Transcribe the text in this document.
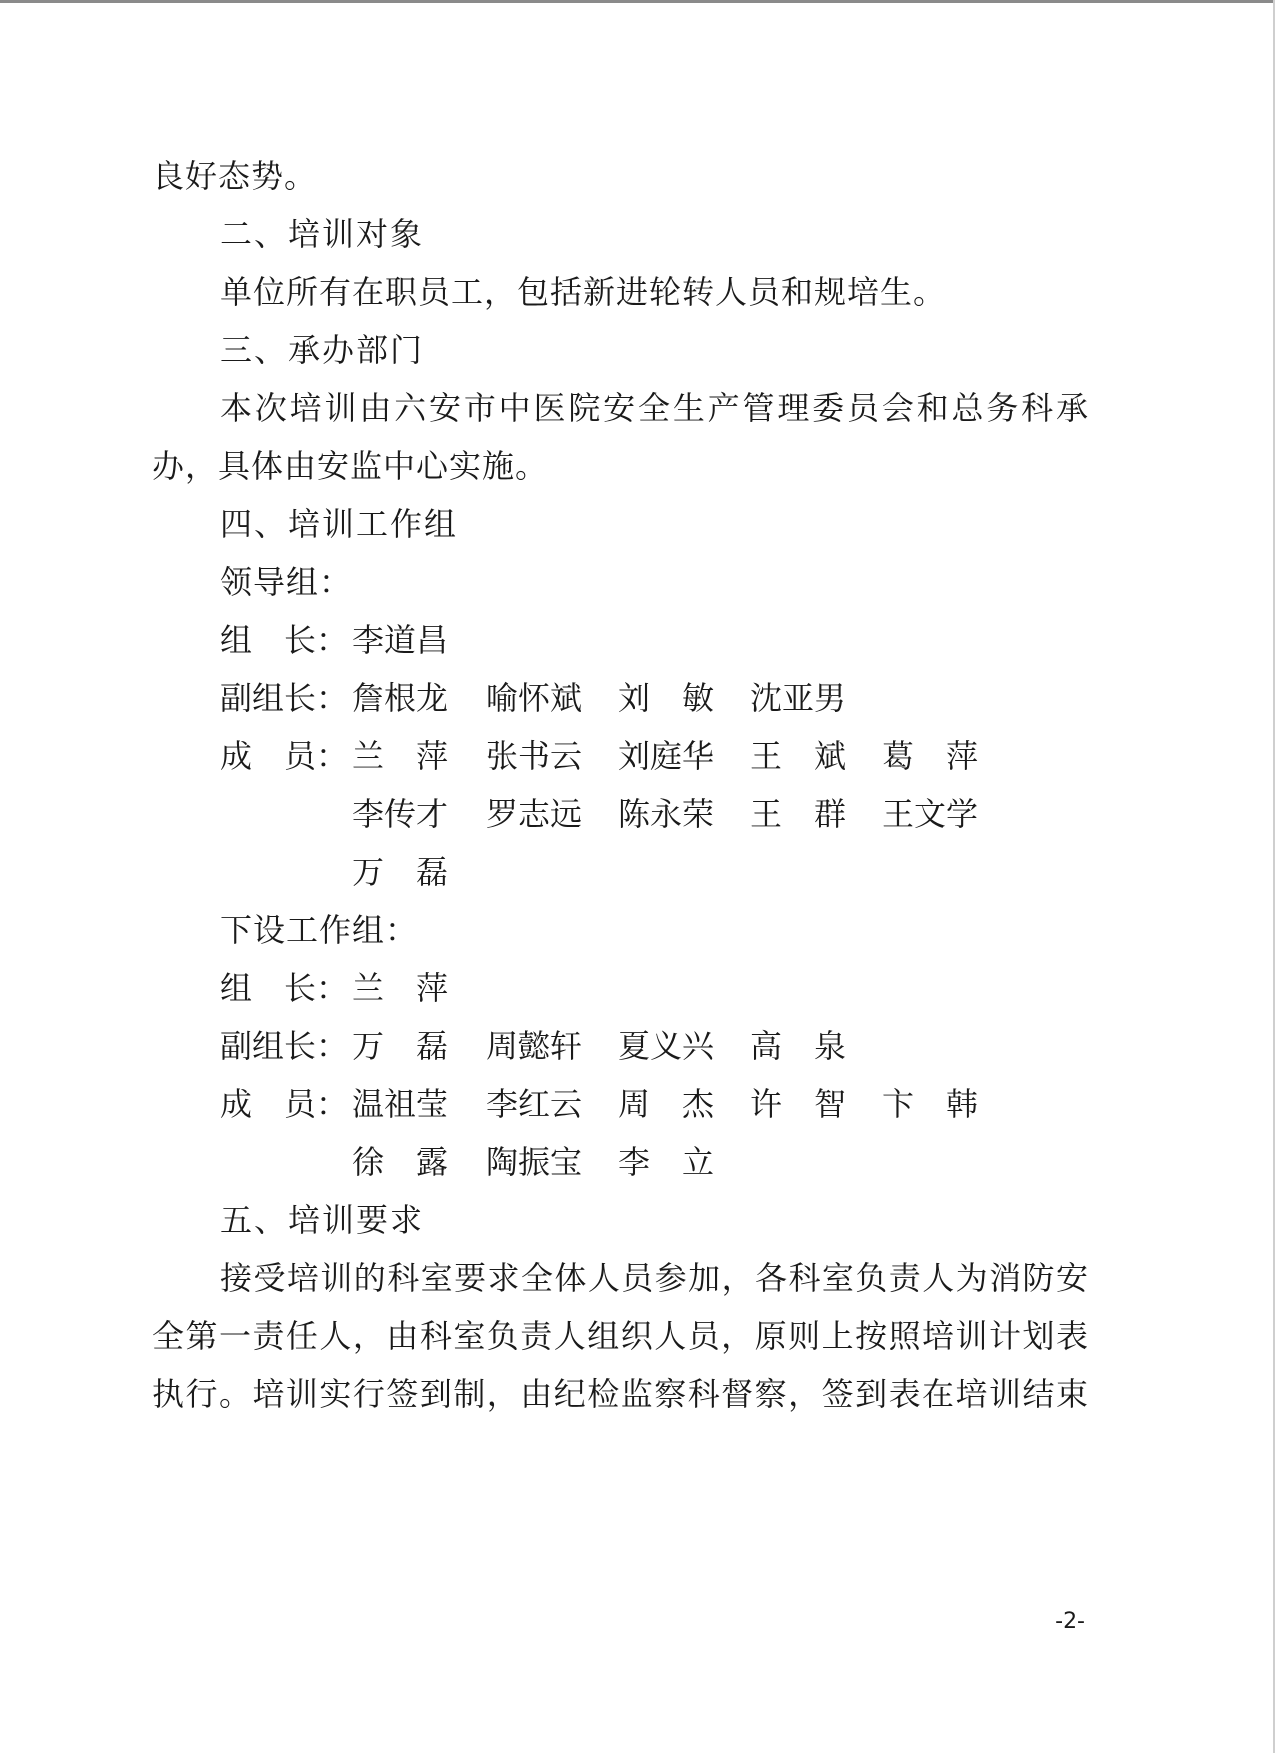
良好态势。
二、培训对象
单位所有在职员工，包括新进轮转人员和规培生。
三、承办部门
本次培训由六安市中医院安全生产管理委员会和总务科承
办，具体由安监中心实施。
四、培训工作组
领导组：
组　长： 李道昌
副组长： 詹根龙 喻怀斌 刘　敏 沈亚男
成　员： 兰　萍 张书云 刘庭华 王　斌 葛　萍
李传才 罗志远 陈永荣 王　群 王文学
万　磊
下设工作组：
组　长： 兰　萍
副组长： 万　磊 周懿轩 夏义兴 高　泉
成　员： 温祖莹 李红云 周　杰 许　智 卞　韩
徐　露 陶振宝 李　立
五、培训要求
接受培训的科室要求全体人员参加，各科室负责人为消防安
全第一责任人，由科室负责人组织人员，原则上按照培训计划表
执行。培训实行签到制，由纪检监察科督察，签到表在培训结束
-2-
